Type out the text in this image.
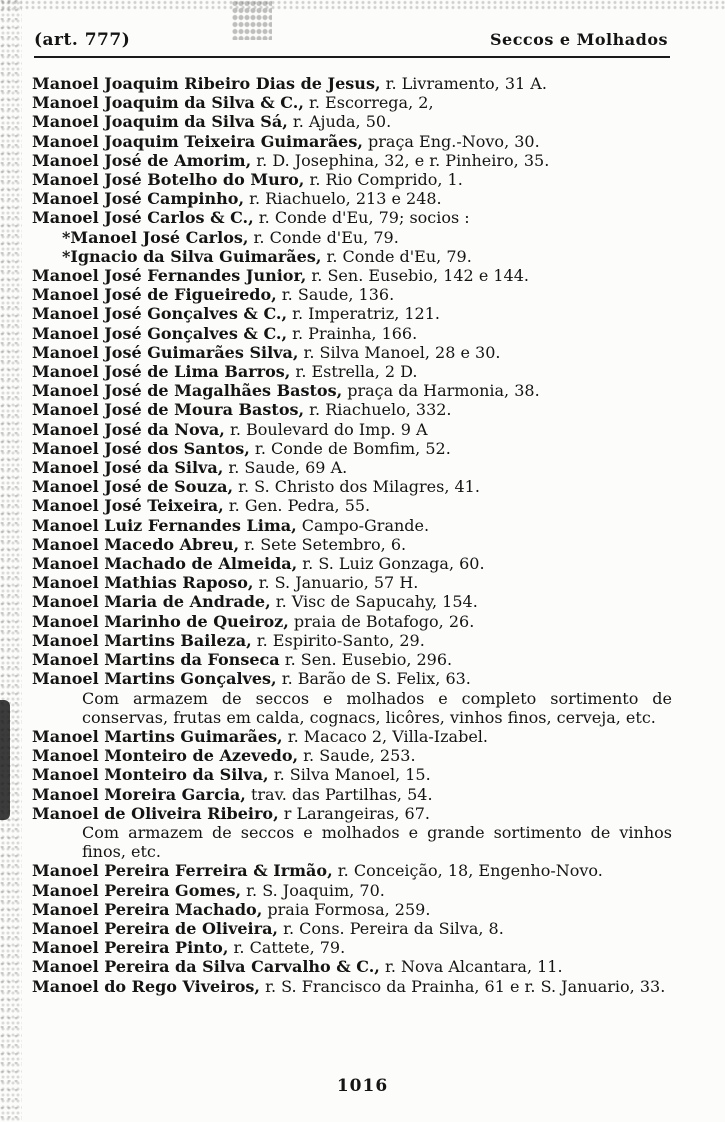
(art. 777)	Seccos e Molhados

Manoel Joaquim Ribeiro Dias de Jesus, r. Livramento, 31 A.

Manoel Joaquim da Silva & C., r. Escorrega, 2,

Manoel Joaquim da Silva Sá, r. Ajuda, 50.

Manoel Joaquim Teixeira Guimarães, praça Eng.-Novo, 30.

Manoel José de Amorim, r. D. Josephina, 32, e r. Pinheiro, 35.

Manoel José Botelho do Muro, r. Rio Comprido, 1.

Manoel José Campinho, r. Riachuelo, 213 e 248.

Manoel José Carlos & C., r. Conde d'Eu, 79; socios :

*Manoel José Carlos, r. Conde d'Eu, 79.

*Ignacio da Silva Guimarães, r. Conde d'Eu, 79.

Manoel José Fernandes Junior, r. Sen. Eusebio, 142 e 144.

Manoel José de Figueiredo, r. Saude, 136.

Manoel José Gonçalves & C., r. Imperatriz, 121.

Manoel José Gonçalves & C., r. Prainha, 166.

Manoel José Guimarães Silva, r. Silva Manoel, 28 e 30.

Manoel José de Lima Barros, r. Estrella, 2 D.

Manoel José de Magalhães Bastos, praça da Harmonia, 38.

Manoel José de Moura Bastos, r. Riachuelo, 332.

Manoel José da Nova, r. Boulevard do Imp. 9 A

Manoel José dos Santos, r. Conde de Bomfim, 52.

Manoel José da Silva, r. Saude, 69 A.

Manoel José de Souza, r. S. Christo dos Milagres, 41.

Manoel José Teixeira, r. Gen. Pedra, 55.

Manoel Luiz Fernandes Lima, Campo-Grande.

Manoel Macedo Abreu, r. Sete Setembro, 6.

Manoel Machado de Almeida, r. S. Luiz Gonzaga, 60.

Manoel Mathias Raposo, r. S. Januario, 57 H.

Manoel Maria de Andrade, r. Visc de Sapucahy, 154.

Manoel Marinho de Queiroz, praia de Botafogo, 26.

Manoel Martins Baileza, r. Espirito-Santo, 29.

Manoel Martins da Fonseca r. Sen. Eusebio, 296.

Manoel Martins Gonçalves, r. Barão de S. Felix, 63.

Com armazem de seccos e molhados e completo sortimento de conservas, frutas em calda, cognacs, licôres, vinhos finos, cerveja, etc.

Manoel Martins Guimarães, r. Macaco 2, Villa-Izabel.

Manoel Monteiro de Azevedo, r. Saude, 253.

Manoel Monteiro da Silva, r. Silva Manoel, 15.

Manoel Moreira Garcia, trav. das Partilhas, 54.

Manoel de Oliveira Ribeiro, r Larangeiras, 67.

Com armazem de seccos e molhados e grande sortimento de vinhos finos, etc.

Manoel Pereira Ferreira & Irmão, r. Conceição, 18, Engenho-Novo.

Manoel Pereira Gomes, r. S. Joaquim, 70.

Manoel Pereira Machado, praia Formosa, 259.

Manoel Pereira de Oliveira, r. Cons. Pereira da Silva, 8.

Manoel Pereira Pinto, r. Cattete, 79.

Manoel Pereira da Silva Carvalho & C., r. Nova Alcantara, 11.

Manoel do Rego Viveiros, r. S. Francisco da Prainha, 61 e r. S. Januario, 33.

1016
